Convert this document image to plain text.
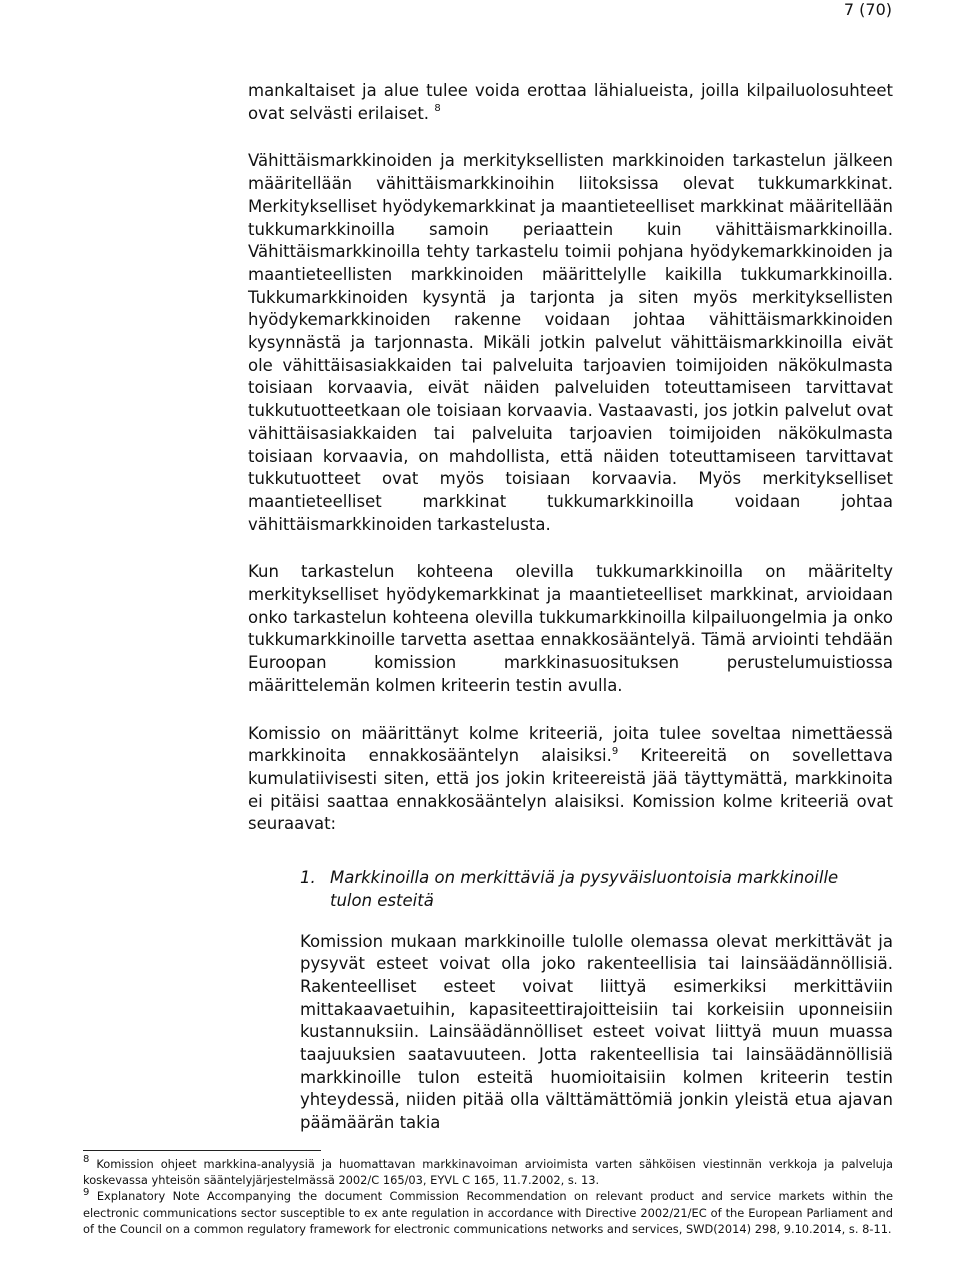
7 (70)

mankaltaiset ja alue tulee voida erottaa lähialueista, joilla kilpailuolosuhteet ovat selvästi erilaiset. $^8$

Vähittäismarkkinoiden ja merkityksellisten markkinoiden tarkastelun jälkeen määritellään vähittäismarkkinoihin liitoksissa olevat tukkumarkkinat. Merkitykselliset hyödykemarkkinat ja maantieteelliset markkinat määritellään tukkumarkkinoilla samoin periaattein kuin vähittäismarkkinoilla. Vähittäismarkkinoilla tehty tarkastelu toimii pohjana hyödykemarkkinoiden ja maantieteellisten markkinoiden määrittelylle kaikilla tukkumarkkinoilla. Tukkumarkkinoiden kysyntä ja tarjonta ja siten myös merkityksellisten hyödykemarkkinoiden rakenne voidaan johtaa vähittäismarkkinoiden kysynnästä ja tarjonnasta. Mikäli jotkin palvelut vähittäismarkkinoilla eivät ole vähittäisasiakkaiden tai palveluita tarjoavien toimijoiden näkökulmasta toisiaan korvaavia, eivät näiden palveluiden toteuttamiseen tarvittavat tukkutuotteetkaan ole toisiaan korvaavia. Vastaavasti, jos jotkin palvelut ovat vähittäisasiakkaiden tai palveluita tarjoavien toimijoiden näkökulmasta toisiaan korvaavia, on mahdollista, että näiden toteuttamiseen tarvittavat tukkutuotteet ovat myös toisiaan korvaavia. Myös merkitykselliset maantieteelliset markkinat tukkumarkkinoilla voidaan johtaa vähittäismarkkinoiden tarkastelusta.

Kun tarkastelun kohteena olevilla tukkumarkkinoilla on määritelty merkitykselliset hyödykemarkkinat ja maantieteelliset markkinat, arvioidaan onko tarkastelun kohteena olevilla tukkumarkkinoilla kilpailuongelmia ja onko tukkumarkkinoille tarvetta asettaa ennakkosääntelyä. Tämä arviointi tehdään Euroopan komission markkinasuosituksen perustelumuistiossa määrittelemän kolmen kriteerin testin avulla.

Komissio on määrittänyt kolme kriteeriä, joita tulee soveltaa nimettäessä markkinoita ennakkosääntelyn alaisiksi.$^9$ Kriteereitä on sovellettava kumulatiivisesti siten, että jos jokin kriteereistä jää täyttymättä, markkinoita ei pitäisi saattaa ennakkosääntelyn alaisiksi. Komission kolme kriteeriä ovat seuraavat:

1. Markkinoilla on merkittäviä ja pysyväisluontoisia markkinoille tulon esteitä

Komission mukaan markkinoille tulolle olemassa olevat merkittävät ja pysyvät esteet voivat olla joko rakenteellisia tai lainsäädännöllisiä. Rakenteelliset esteet voivat liittyä esimerkiksi merkittäviin mittakaavaetuihin, kapasiteettirajoitteisiin tai korkeisiin uponneisiin kustannuksiin. Lainsäädännölliset esteet voivat liittyä muun muassa taajuuksien saatavuuteen. Jotta rakenteellisia tai lainsäädännöllisiä markkinoille tulon esteitä huomioitaisiin kolmen kriteerin testin yhteydessä, niiden pitää olla välttämättömiä jonkin yleistä etua ajavan päämäärän takia

$^8$ Komission ohjeet markkina-analyysiä ja huomattavan markkinavoiman arvioimista varten sähköisen viestinnän verkkoja ja palveluja koskevassa yhteisön sääntelyjärjestelmässä 2002/C 165/03, EYVL C 165, 11.7.2002, s. 13.

$^9$ Explanatory Note Accompanying the document Commission Recommendation on relevant product and service markets within the electronic communications sector susceptible to ex ante regulation in accordance with Directive 2002/21/EC of the European Parliament and of the Council on a common regulatory framework for electronic communications networks and services, SWD(2014) 298, 9.10.2014, s. 8-11.
